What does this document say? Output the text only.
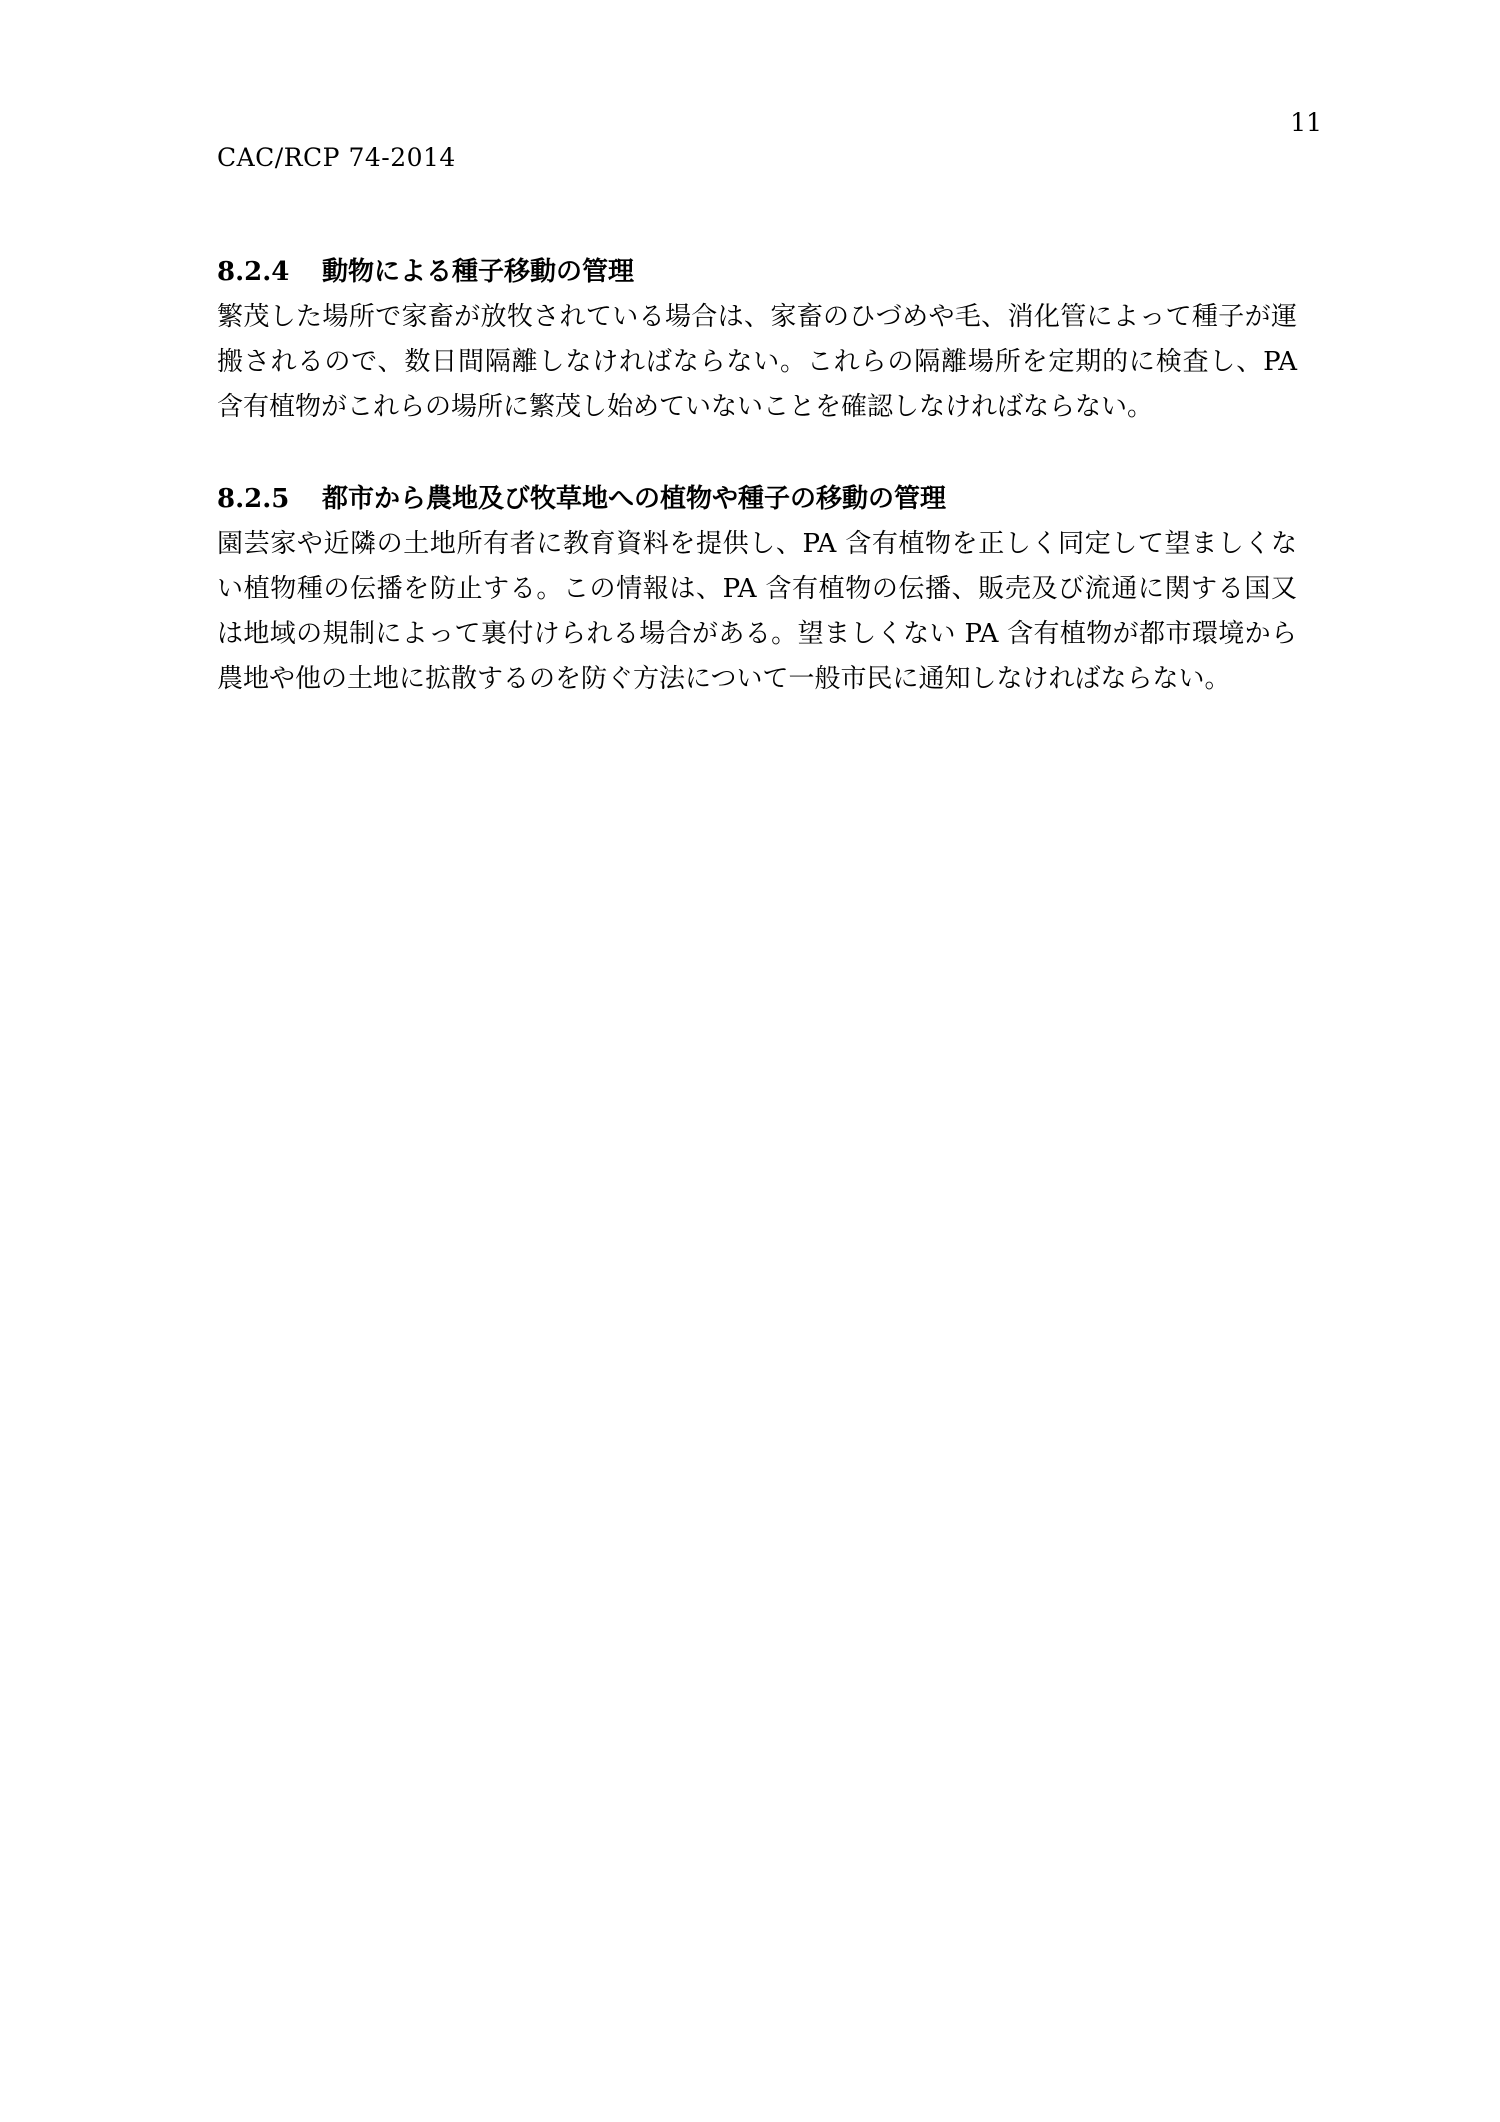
11
CAC/RCP 74-2014
8.2.4	動物による種子移動の管理

繁茂した場所で家畜が放牧されている場合は、家畜のひづめや毛、消化管によって種子が運搬されるので、数日間隔離しなければならない。これらの隔離場所を定期的に検査し、PA 含有植物がこれらの場所に繁茂し始めていないことを確認しなければならない。

8.2.5	都市から農地及び牧草地への植物や種子の移動の管理

園芸家や近隣の土地所有者に教育資料を提供し、PA 含有植物を正しく同定して望ましくない植物種の伝播を防止する。この情報は、PA 含有植物の伝播、販売及び流通に関する国又は地域の規制によって裏付けられる場合がある。望ましくない PA 含有植物が都市環境から農地や他の土地に拡散するのを防ぐ方法について一般市民に通知しなければならない。
